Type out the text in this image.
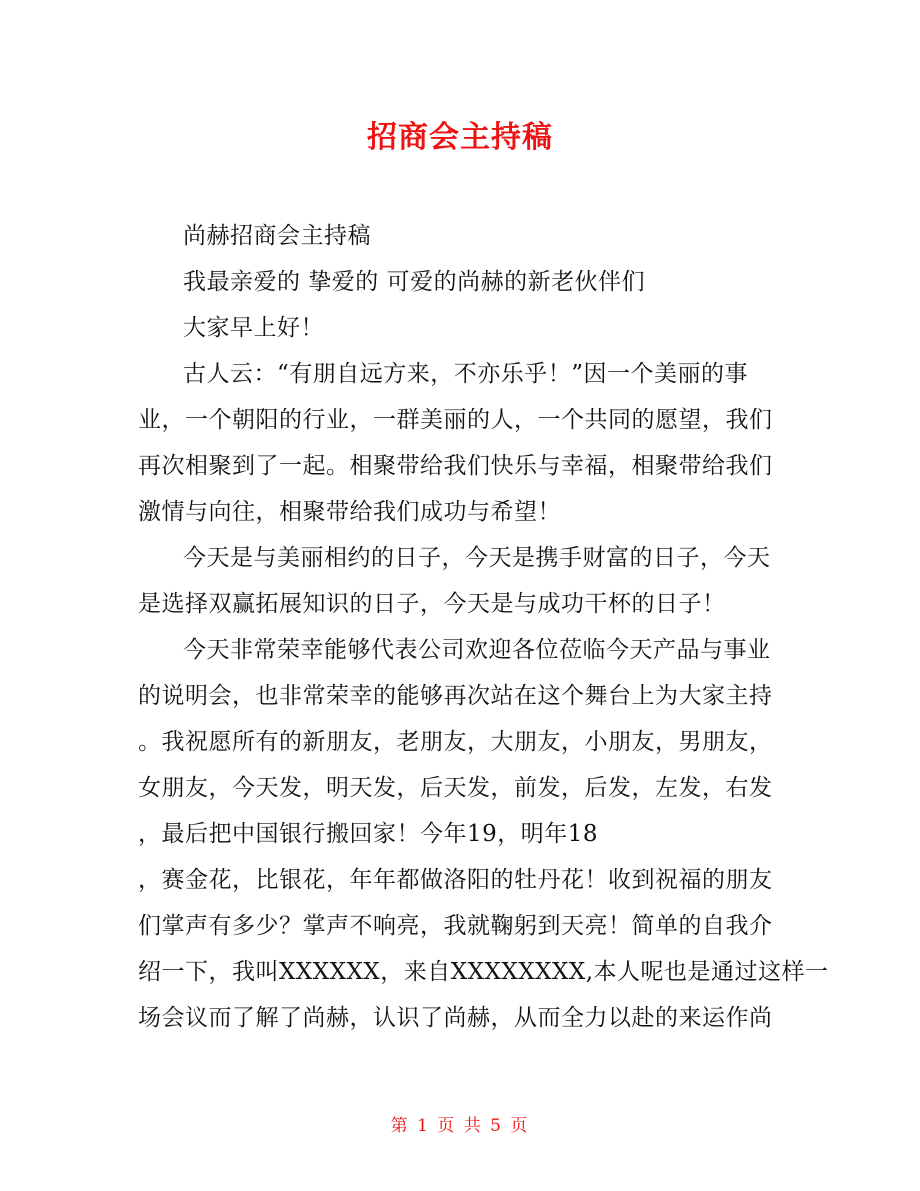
招商会主持稿
尚赫招商会主持稿
我最亲爱的 挚爱的 可爱的尚赫的新老伙伴们
大家早上好！
古人云：“有朋自远方来，不亦乐乎！”因一个美丽的事
业，一个朝阳的行业，一群美丽的人，一个共同的愿望，我们
再次相聚到了一起。相聚带给我们快乐与幸福，相聚带给我们
激情与向往，相聚带给我们成功与希望！
今天是与美丽相约的日子，今天是携手财富的日子，今天
是选择双赢拓展知识的日子，今天是与成功干杯的日子！
今天非常荣幸能够代表公司欢迎各位莅临今天产品与事业
的说明会，也非常荣幸的能够再次站在这个舞台上为大家主持
。我祝愿所有的新朋友，老朋友，大朋友，小朋友，男朋友，
女朋友，今天发，明天发，后天发，前发，后发，左发，右发
，最后把中国银行搬回家！今年19，明年18
，赛金花，比银花，年年都做洛阳的牡丹花！收到祝福的朋友
们掌声有多少？掌声不响亮，我就鞠躬到天亮！简单的自我介
绍一下，我叫XXXXXX，来自XXXXXXXX,本人呢也是通过这样一
场会议而了解了尚赫，认识了尚赫，从而全力以赴的来运作尚
第 1 页 共 5 页
